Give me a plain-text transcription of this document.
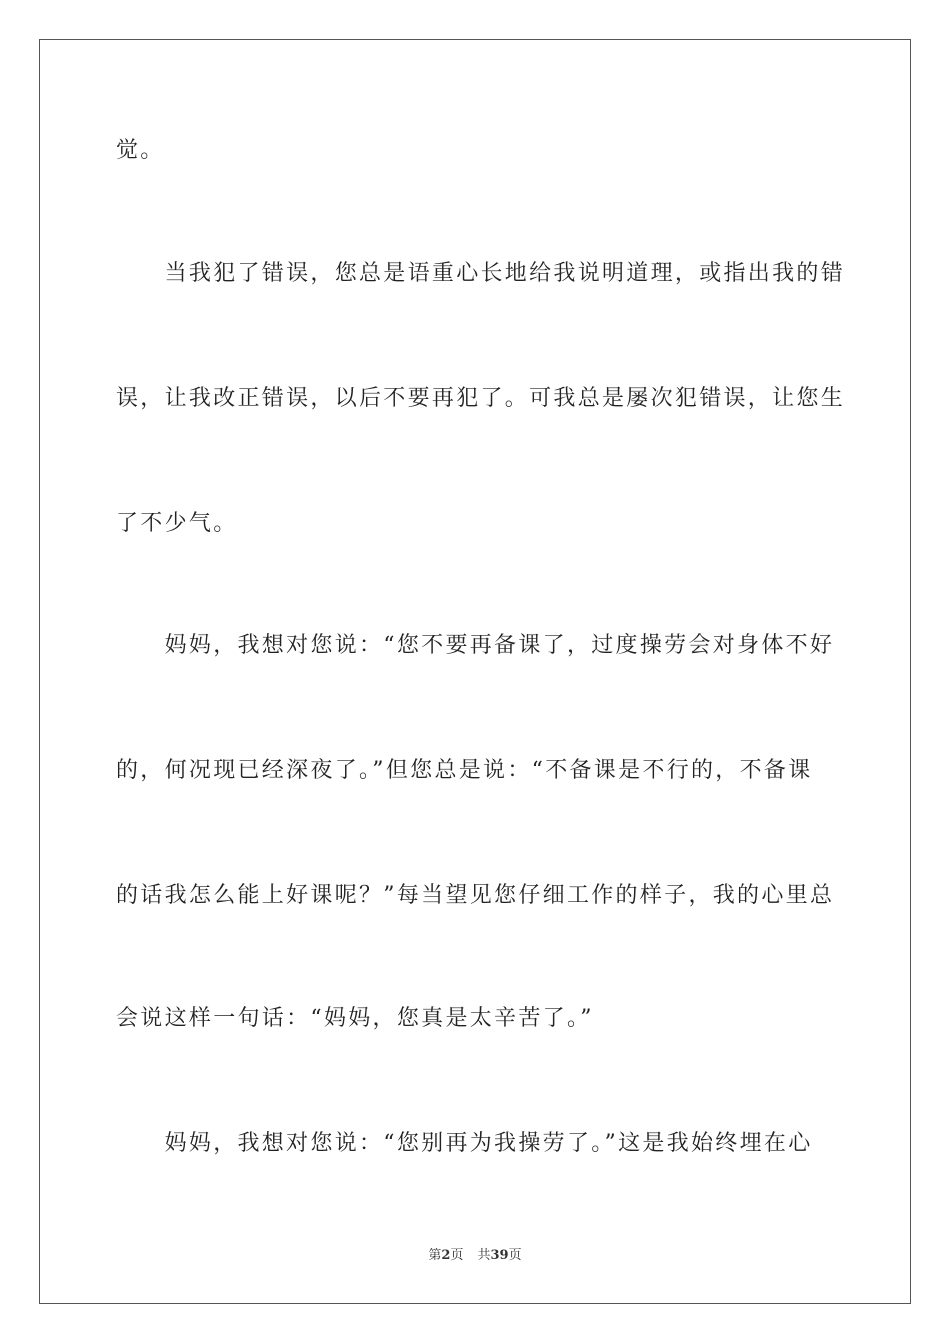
觉。

　　当我犯了错误，您总是语重心长地给我说明道理，或指出我的错

误，让我改正错误，以后不要再犯了。可我总是屡次犯错误，让您生

了不少气。

　　妈妈，我想对您说：“您不要再备课了，过度操劳会对身体不好

的，何况现已经深夜了。”但您总是说：“不备课是不行的，不备课

的话我怎么能上好课呢？”每当望见您仔细工作的样子，我的心里总

会说这样一句话：“妈妈，您真是太辛苦了。”

　　妈妈，我想对您说：“您别再为我操劳了。”这是我始终埋在心

第2页 共39页
